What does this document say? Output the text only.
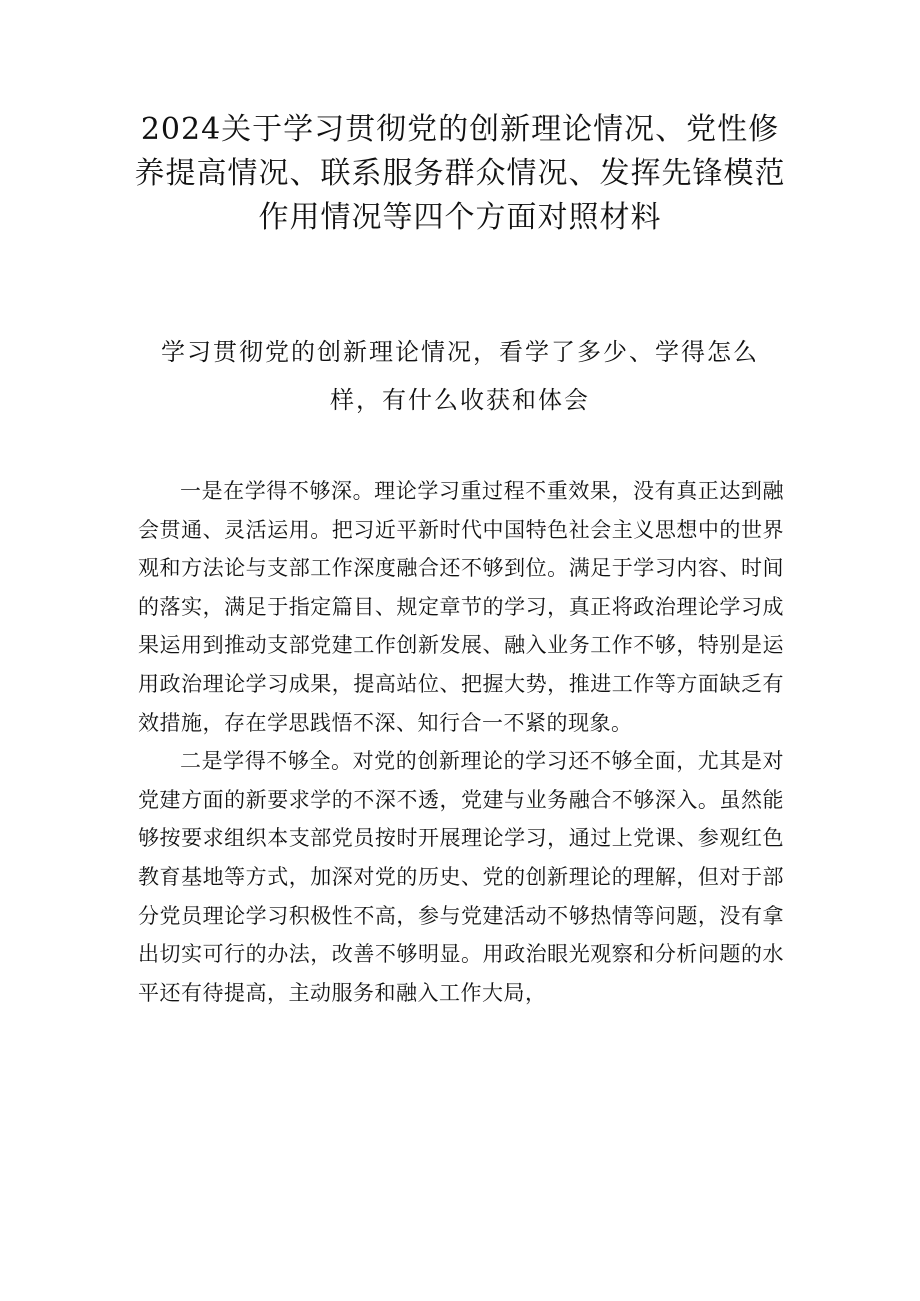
2024关于学习贯彻党的创新理论情况、党性修养提高情况、联系服务群众情况、发挥先锋模范作用情况等四个方面对照材料
学习贯彻党的创新理论情况，看学了多少、学得怎么样，有什么收获和体会

一是在学得不够深。理论学习重过程不重效果，没有真正达到融会贯通、灵活运用。把习近平新时代中国特色社会主义思想中的世界观和方法论与支部工作深度融合还不够到位。满足于学习内容、时间的落实，满足于指定篇目、规定章节的学习，真正将政治理论学习成果运用到推动支部党建工作创新发展、融入业务工作不够，特别是运用政治理论学习成果，提高站位、把握大势，推进工作等方面缺乏有效措施，存在学思践悟不深、知行合一不紧的现象。

二是学得不够全。对党的创新理论的学习还不够全面，尤其是对党建方面的新要求学的不深不透，党建与业务融合不够深入。虽然能够按要求组织本支部党员按时开展理论学习，通过上党课、参观红色教育基地等方式，加深对党的历史、党的创新理论的理解，但对于部分党员理论学习积极性不高，参与党建活动不够热情等问题，没有拿出切实可行的办法，改善不够明显。用政治眼光观察和分析问题的水平还有待提高，主动服务和融入工作大局，
